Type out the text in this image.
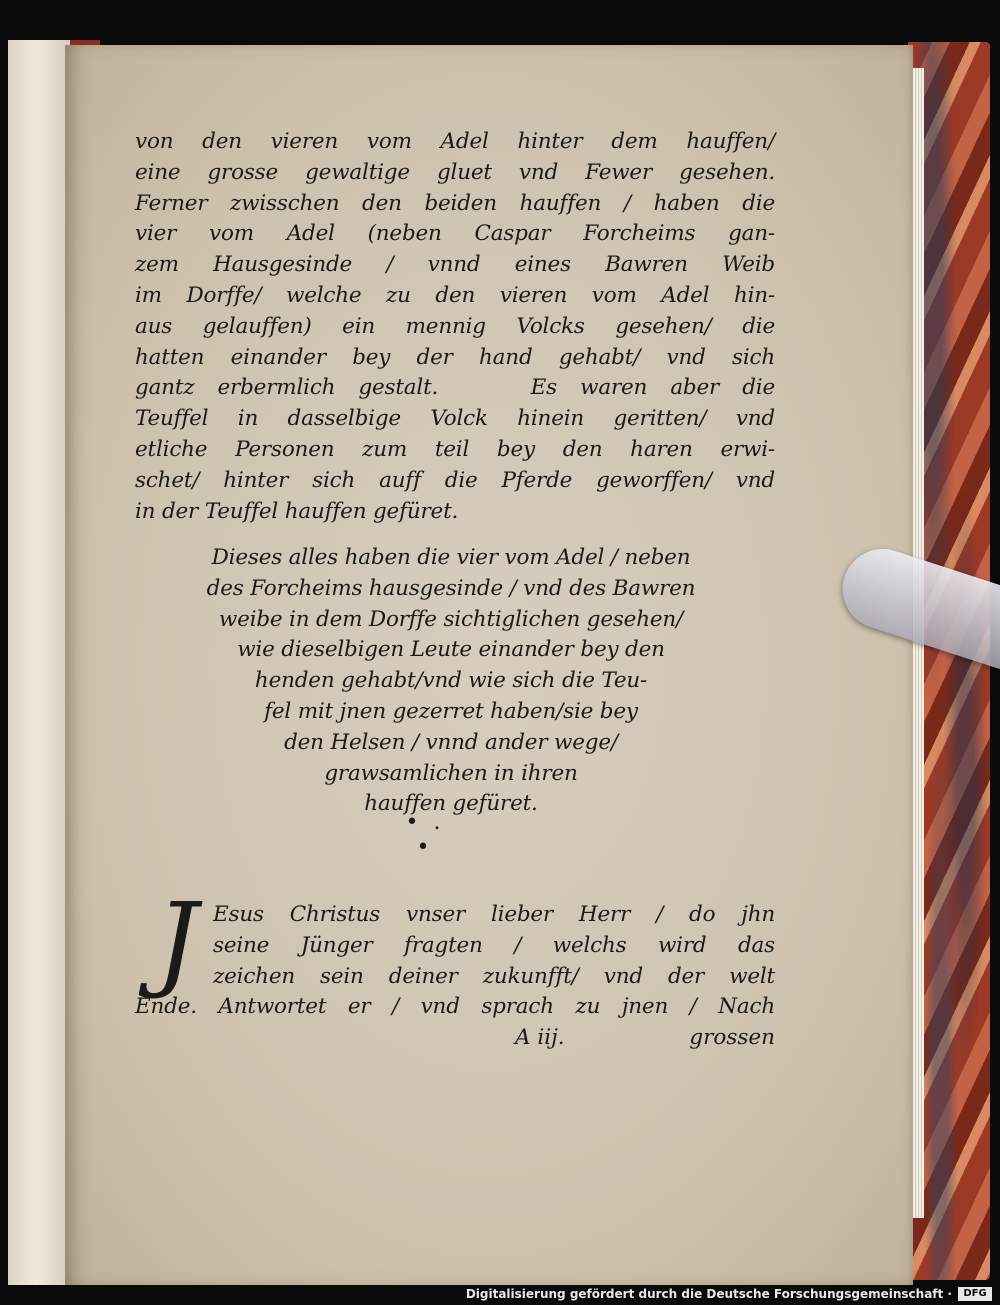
von den vieren vom Adel hinter dem hauffen/
eine grosse gewaltige gluet vnd Fewer gesehen.
Ferner zwisschen den beiden hauffen / haben die
vier vom Adel (neben Caspar Forcheims gan-
zem Hausgesinde / vnnd eines Bawren Weib
im Dorffe/ welche zu den vieren vom Adel hin-
aus gelauffen) ein mennig Volcks gesehen/ die
hatten einander bey der hand gehabt/ vnd sich
gantz erbermlich gestalt.    Es waren aber die
Teuffel in dasselbige Volck hinein geritten/ vnd
etliche Personen zum teil bey den haren erwi-
schet/ hinter sich auff die Pferde geworffen/ vnd
in der Teuffel hauffen gefüret.
Dieses alles haben die vier vom Adel / neben
des Forcheims hausgesinde / vnd des Bawren
weibe in dem Dorffe sichtiglichen gesehen/
wie dieselbigen Leute einander bey den
henden gehabt/vnd wie sich die Teu-
fel mit jnen gezerret haben/sie bey
den Helsen / vnnd ander wege/
grawsamlichen in ihren
hauffen gefüret.
• . •
J Esus Christus vnser lieber Herr / do jhn
seine Jünger fragten / welchs wird das
zeichen sein deiner zukunfft/ vnd der welt
Ende. Antwortet er / vnd sprach zu jnen / Nach
A iij.	grossen
Digitalisierung gefördert durch die Deutsche Forschungsgemeinschaft ·	DFG
